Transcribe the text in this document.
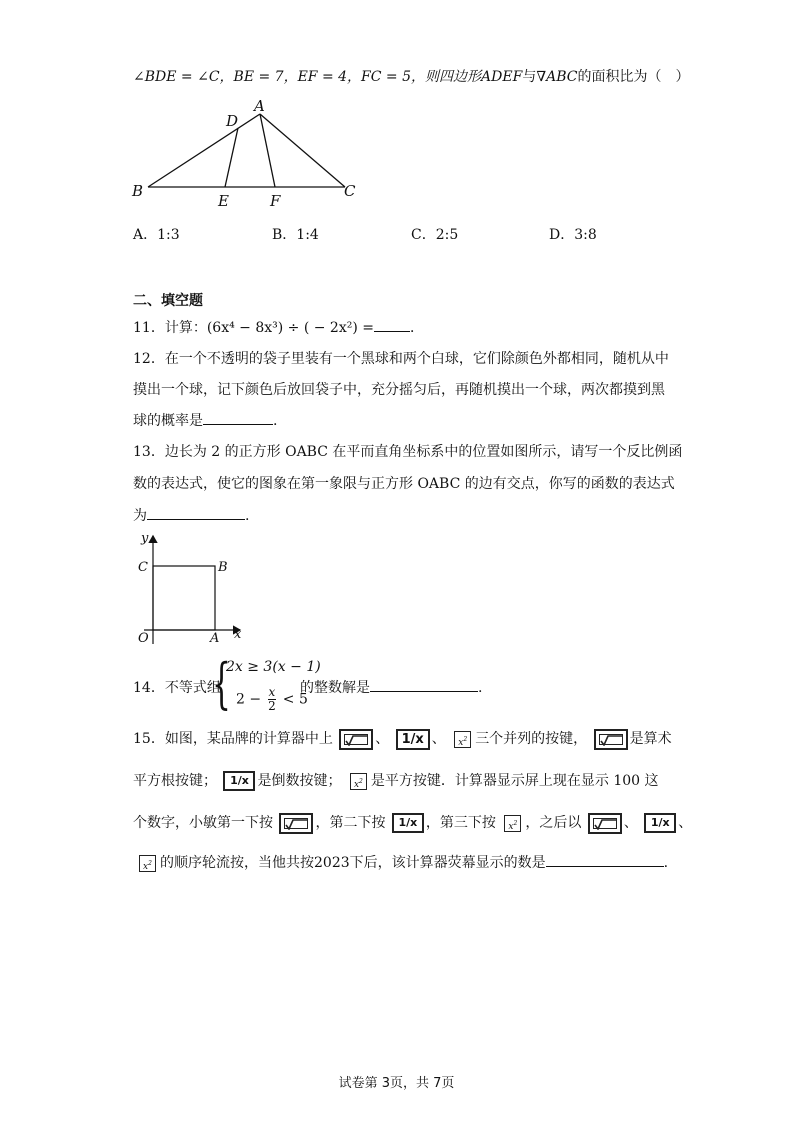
∠BDE = ∠C，BE = 7，EF = 4，FC = 5，则四边形ADEF与∇ABC的面积比为（　）
A
D
B
E	F
C
A．1:3	B．1:4	C．2:5	D．3:8
二、填空题
11．计算：(6x⁴ − 8x³) ÷ ( − 2x²) =	．
12．在一个不透明的袋子里装有一个黑球和两个白球，它们除颜色外都相同，随机从中
摸出一个球，记下颜色后放回袋子中，充分摇匀后，再随机摸出一个球，两次都摸到黑
球的概率是	.
13．边长为 2 的正方形 OABC 在平而直角坐标系中的位置如图所示，请写一个反比例函
数的表达式，使它的图象在第一象限与正方形 OABC 的边有交点，你写的函数的表达式
为	.
y
C	B
O	A x
14．不等式组
{
2x ≥ 3(x − 1)
$2 - \frac{x}{2} < 5$
的整数解是	.
15．如图，某品牌的计算器中上	、 1/x 、 $x^2$ 三个并列的按键，	是算术
平方根按键； 1/x 是倒数按键； $x^2$ 是平方按键．计算器显示屏上现在显示 100 这
个数字，小敏第一下按	，第二下按 1/x ，第三下按 $x^2$ ，之后以	、 1/x 、
$x^2$ 的顺序轮流按，当他共按2023下后，该计算器荧幕显示的数是	.
试卷第 3页，共 7页
